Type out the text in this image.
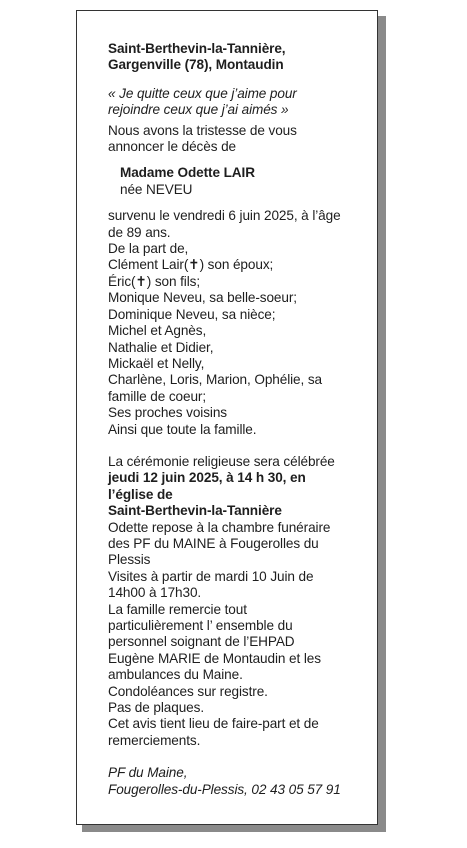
Saint-Berthevin-la-Tannière,

Gargenville (78), Montaudin

« Je quitte ceux que j’aime pour

rejoindre ceux que j’ai aimés »

Nous avons la tristesse de vous

annoncer le décès de

Madame Odette LAIR

née NEVEU

survenu le vendredi 6 juin 2025, à l’âge

de 89 ans.

De la part de,

Clément Lair(✝) son époux;

Éric(✝) son fils;

Monique Neveu, sa belle-soeur;

Dominique Neveu, sa nièce;

Michel et Agnès,

Nathalie et Didier,

Mickaël et Nelly,

Charlène, Loris, Marion, Ophélie, sa

famille de coeur;

Ses proches voisins

Ainsi que toute la famille.

La cérémonie religieuse sera célébrée

jeudi 12 juin 2025, à 14 h 30, en

l’église de

Saint-Berthevin-la-Tannière

Odette repose à la chambre funéraire

des PF du MAINE à Fougerolles du

Plessis

Visites à partir de mardi 10 Juin de

14h00 à 17h30.

La famille remercie tout

particulièrement l’ ensemble du

personnel soignant de l’EHPAD

Eugène MARIE de Montaudin et les

ambulances du Maine.

Condoléances sur registre.

Pas de plaques.

Cet avis tient lieu de faire-part et de

remerciements.

PF du Maine,

Fougerolles-du-Plessis, 02 43 05 57 91
